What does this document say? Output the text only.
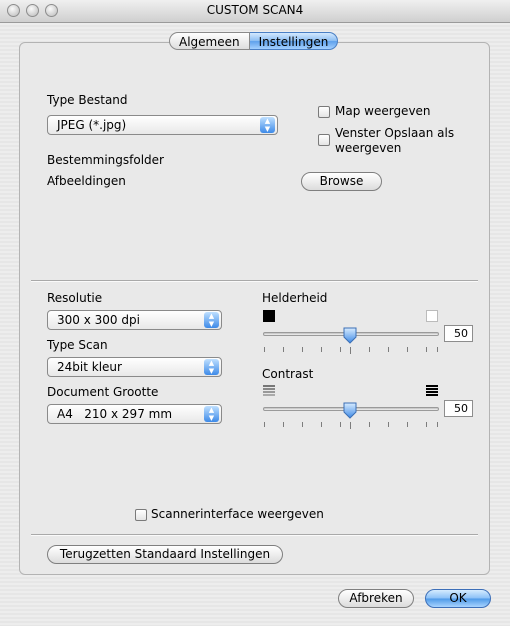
CUSTOM SCAN4
Algemeen	Instellingen
Type Bestand
JPEG (*.jpg)	▲
▼
Map weergeven
Venster Opslaan als
weergeven
Bestemmingsfolder
Afbeeldingen	Browse
Resolutie
300 x 300 dpi	▲
▼
Type Scan
24bit kleur	▲
▼
Document Grootte
A4   210 x 297 mm	▲
▼
Helderheid
50
Contrast
50
Scannerinterface weergeven
Terugzetten Standaard Instellingen
Afbreken	OK
